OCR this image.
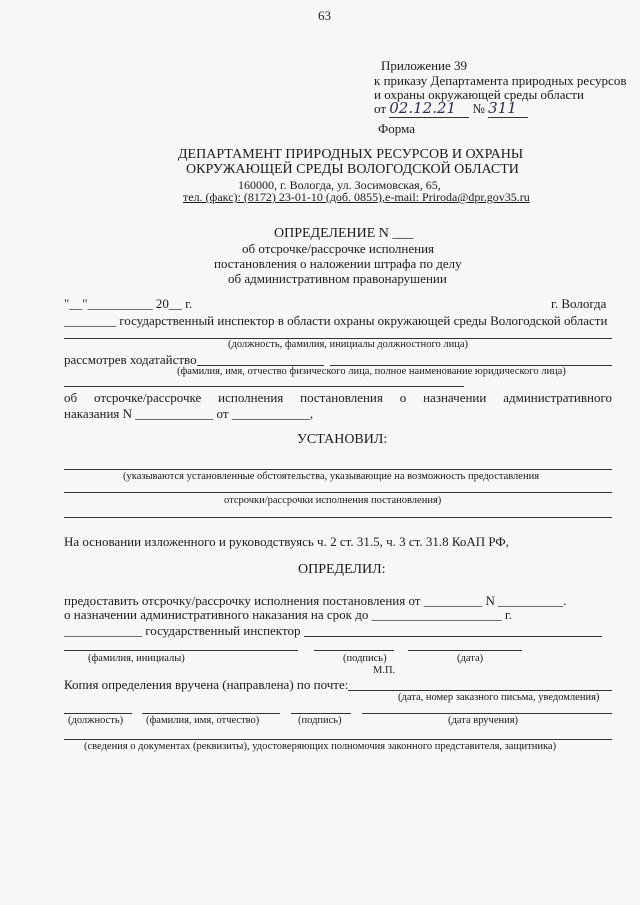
63
Приложение 39
к приказу Департамента природных ресурсов
и охраны окружающей среды области
от 02.12.21 № 311
Форма
ДЕПАРТАМЕНТ ПРИРОДНЫХ РЕСУРСОВ И ОХРАНЫ
ОКРУЖАЮЩЕЙ СРЕДЫ ВОЛОГОДСКОЙ ОБЛАСТИ
160000, г. Вологда, ул. Зосимовская, 65,
тел. (факс): (8172) 23-01-10 (доб. 0855),e-mail: Priroda@dpr.gov35.ru
ОПРЕДЕЛЕНИЕ N ___
об отсрочке/рассрочке исполнения
постановления о наложении штрафа по делу
об административном правонарушении
"__"__________ 20__ г.	г. Вологда
________ государственный инспектор в области охраны окружающей среды Вологодской области
(должность, фамилия, инициалы должностного лица)
рассмотрев ходатайство
(фамилия, имя, отчество физического лица, полное наименование юридического лица)
об отсрочке/рассрочке исполнения постановления о назначении административного
наказания N ____________ от ____________,
УСТАНОВИЛ:
(указываются установленные обстоятельства, указывающие на возможность предоставления
отсрочки/рассрочки исполнения постановления)
На основании изложенного и руководствуясь ч. 2 ст. 31.5, ч. 3 ст. 31.8 КоАП РФ,
ОПРЕДЕЛИЛ:
предоставить отсрочку/рассрочку исполнения постановления от _________ N __________.
о назначении административного наказания на срок до ____________________ г.
____________ государственный инспектор
(фамилия, инициалы)	(подпись)	(дата)
М.П.
Копия определения вручена (направлена) по почте:
(дата, номер заказного письма, уведомления)
(должность) (фамилия, имя, отчество)	(подпись)	(дата вручения)
(сведения о документах (реквизиты), удостоверяющих полномочия законного представителя, защитника)
